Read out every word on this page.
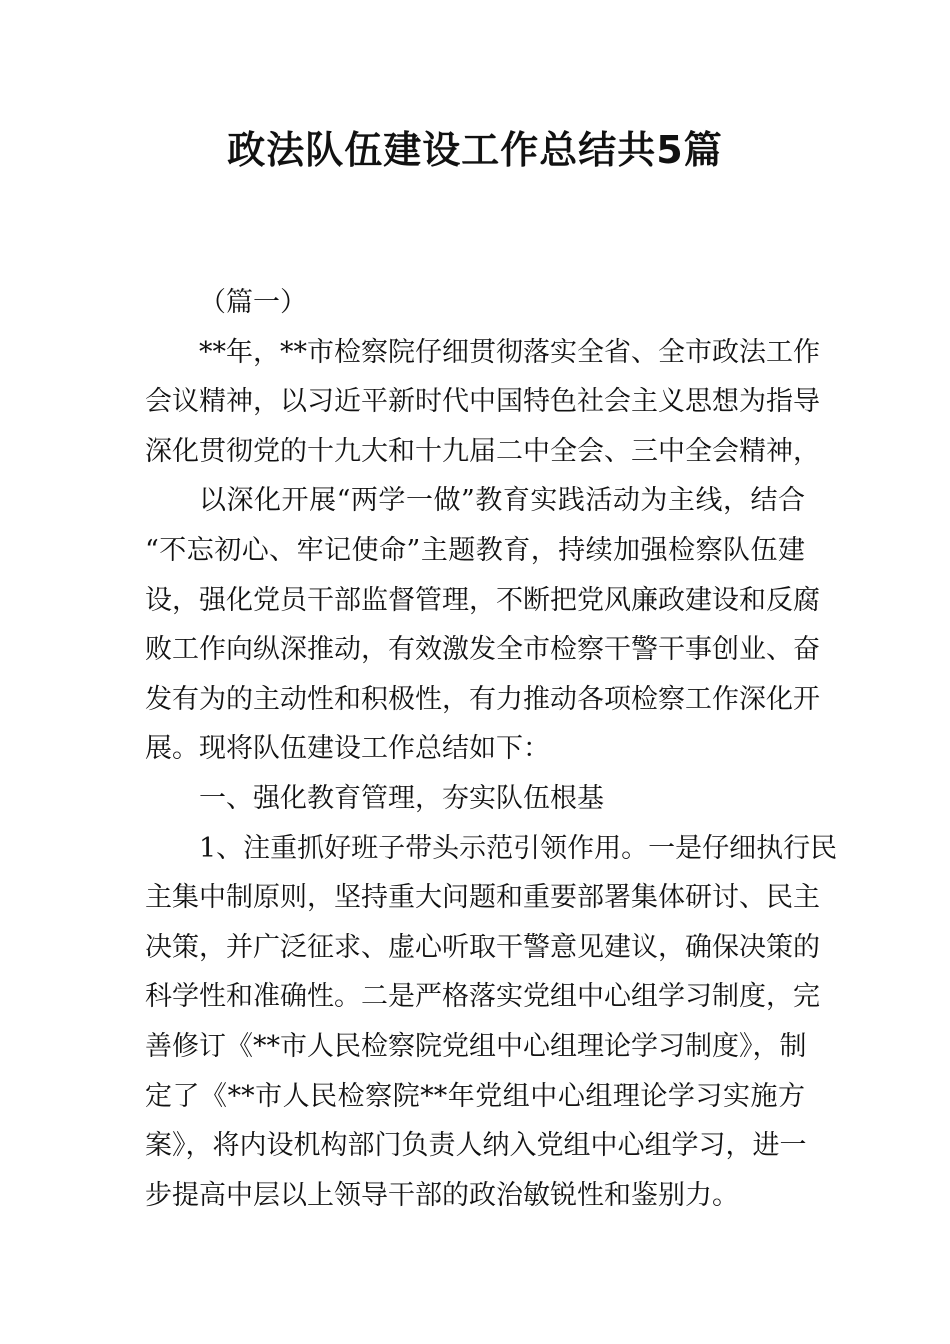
政法队伍建设工作总结共5篇
（篇一）
**年，**市检察院仔细贯彻落实全省、全市政法工作
会议精神，以习近平新时代中国特色社会主义思想为指导
深化贯彻党的十九大和十九届二中全会、三中全会精神，
以深化开展“两学一做”教育实践活动为主线，结合
“不忘初心、牢记使命”主题教育，持续加强检察队伍建
设，强化党员干部监督管理，不断把党风廉政建设和反腐
败工作向纵深推动，有效激发全市检察干警干事创业、奋
发有为的主动性和积极性，有力推动各项检察工作深化开
展。现将队伍建设工作总结如下：
一、强化教育管理，夯实队伍根基
1、注重抓好班子带头示范引领作用。一是仔细执行民
主集中制原则，坚持重大问题和重要部署集体研讨、民主
决策，并广泛征求、虚心听取干警意见建议，确保决策的
科学性和准确性。二是严格落实党组中心组学习制度，完
善修订《**市人民检察院党组中心组理论学习制度》，制
定了《**市人民检察院**年党组中心组理论学习实施方
案》，将内设机构部门负责人纳入党组中心组学习，进一
步提高中层以上领导干部的政治敏锐性和鉴别力。
